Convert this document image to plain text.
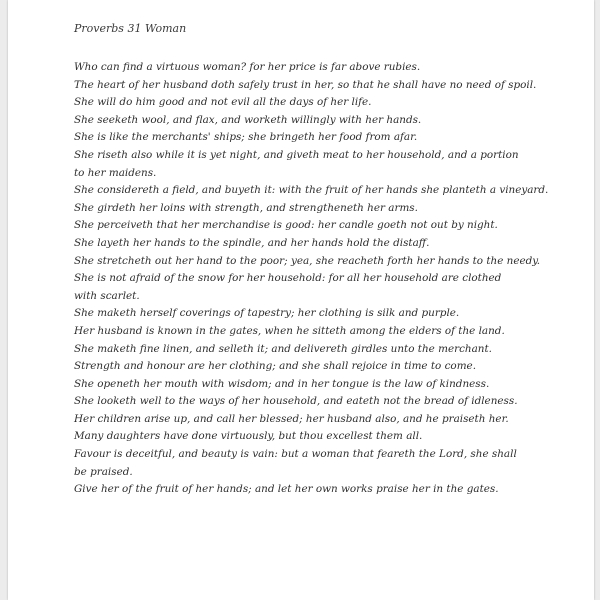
Proverbs 31 Woman
Who can find a virtuous woman? for her price is far above rubies.
The heart of her husband doth safely trust in her, so that he shall have no need of spoil.
She will do him good and not evil all the days of her life.
She seeketh wool, and flax, and worketh willingly with her hands.
She is like the merchants' ships; she bringeth her food from afar.
She riseth also while it is yet night, and giveth meat to her household, and a portion to her maidens.
She considereth a field, and buyeth it: with the fruit of her hands she planteth a vineyard.
She girdeth her loins with strength, and strengtheneth her arms.
She perceiveth that her merchandise is good: her candle goeth not out by night.
She layeth her hands to the spindle, and her hands hold the distaff.
She stretcheth out her hand to the poor; yea, she reacheth forth her hands to the needy.
She is not afraid of the snow for her household: for all her household are clothed with scarlet.
She maketh herself coverings of tapestry; her clothing is silk and purple.
Her husband is known in the gates, when he sitteth among the elders of the land.
She maketh fine linen, and selleth it; and delivereth girdles unto the merchant.
Strength and honour are her clothing; and she shall rejoice in time to come.
She openeth her mouth with wisdom; and in her tongue is the law of kindness.
She looketh well to the ways of her household, and eateth not the bread of idleness.
Her children arise up, and call her blessed; her husband also, and he praiseth her.
Many daughters have done virtuously, but thou excellest them all.
Favour is deceitful, and beauty is vain: but a woman that feareth the Lord, she shall be praised.
Give her of the fruit of her hands; and let her own works praise her in the gates.
